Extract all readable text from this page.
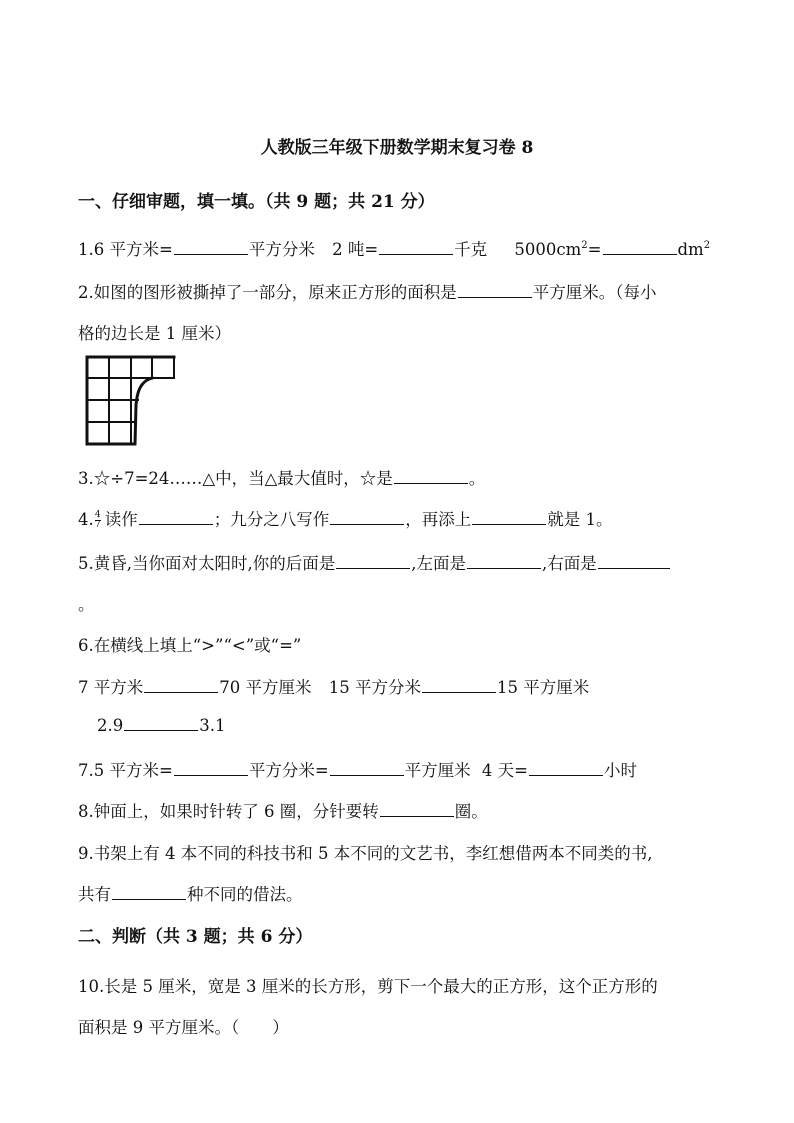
人教版三年级下册数学期末复习卷 8
一、仔细审题，填一填。（共 9 题；共 21 分）
1.6 平方米=	平方分米 2 吨=	千克 $5000cm^2=$	$dm^2$
2.如图的图形被撕掉了一部分，原来正方形的面积是	平方厘米。（每小
格的边长是 1 厘米）
3.☆÷7=24……△中，当△最大值时，☆是	。
4. $\frac{4}{7}$ 读作	；九分之八写作	，再添上	就是 1。
5.黄昏,当你面对太阳时,你的后面是	,左面是	,右面是
。
6.在横线上填上“>”“<”或“=”
7 平方米	70 平方厘米 15 平方分米	15 平方厘米
2.9	3.1
7.5 平方米=	平方分米=	平方厘米 4 天=	小时
8.钟面上，如果时针转了 6 圈，分针要转	圈。
9.书架上有 4 本不同的科技书和 5 本不同的文艺书，李红想借两本不同类的书,
共有	种不同的借法。
二、判断（共 3 题；共 6 分）
10.长是 5 厘米，宽是 3 厘米的长方形，剪下一个最大的正方形，这个正方形的
面积是 9 平方厘米。（　　）
